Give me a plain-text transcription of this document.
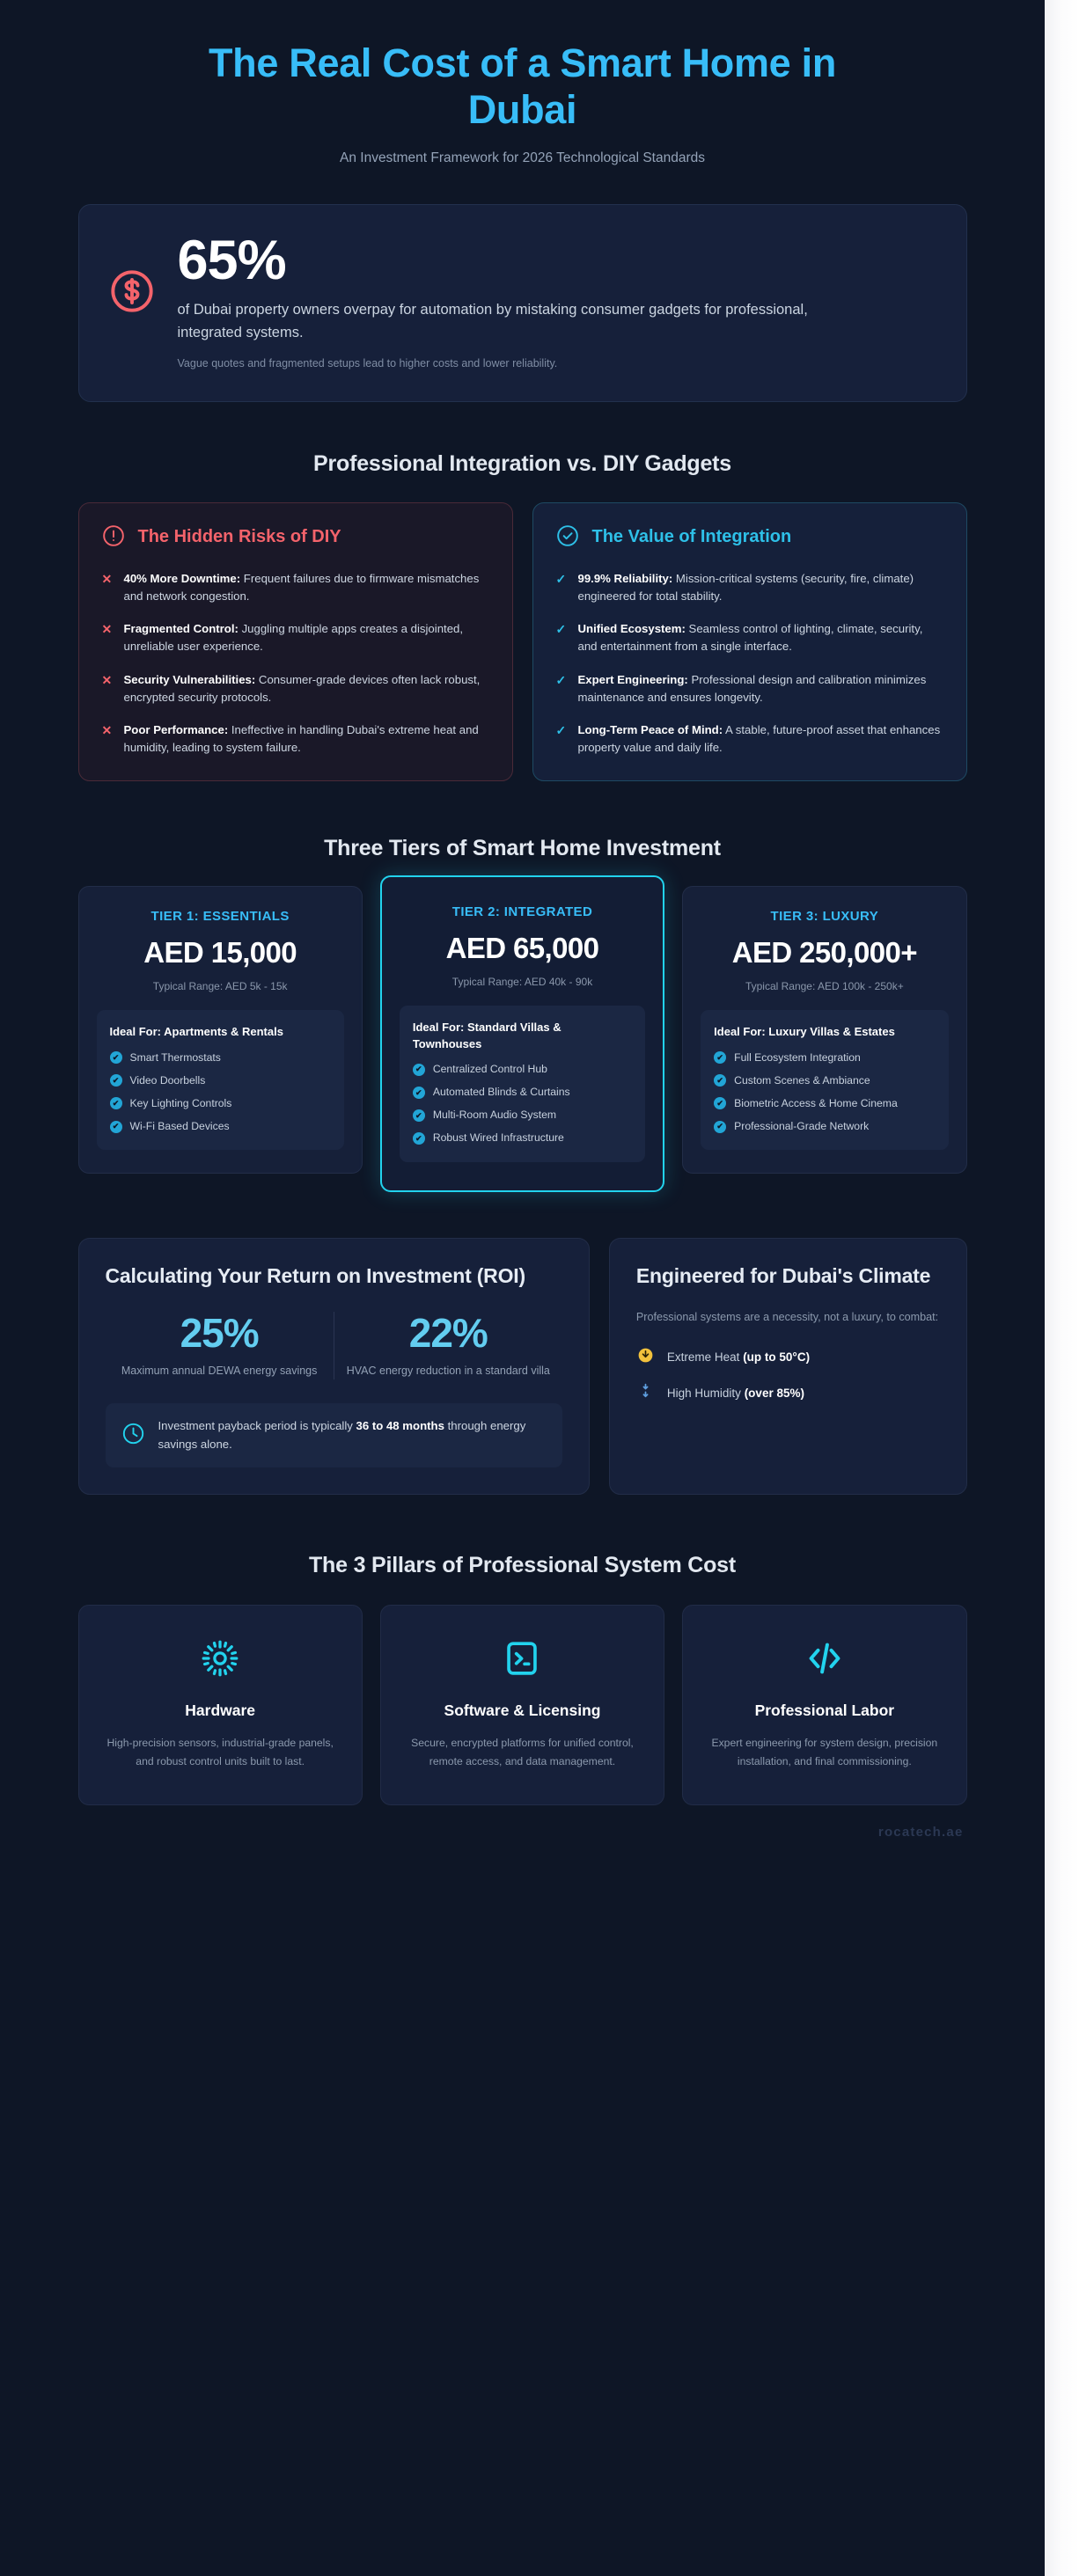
The Real Cost of a Smart Home in Dubai
An Investment Framework for 2026 Technological Standards
65%
of Dubai property owners overpay for automation by mistaking consumer gadgets for professional, integrated systems.
Vague quotes and fragmented setups lead to higher costs and lower reliability.
Professional Integration vs. DIY Gadgets
The Hidden Risks of DIY
✕ 40% More Downtime: Frequent failures due to firmware mismatches and network congestion.
✕ Fragmented Control: Juggling multiple apps creates a disjointed, unreliable user experience.
✕ Security Vulnerabilities: Consumer-grade devices often lack robust, encrypted security protocols.
✕ Poor Performance: Ineffective in handling Dubai's extreme heat and humidity, leading to system failure.
The Value of Integration
✓ 99.9% Reliability: Mission-critical systems (security, fire, climate) engineered for total stability.
✓ Unified Ecosystem: Seamless control of lighting, climate, security, and entertainment from a single interface.
✓ Expert Engineering: Professional design and calibration minimizes maintenance and ensures longevity.
✓ Long-Term Peace of Mind: A stable, future-proof asset that enhances property value and daily life.
Three Tiers of Smart Home Investment
TIER 1: ESSENTIALS
AED 15,000
Typical Range: AED 5k - 15k
Ideal For: Apartments & Rentals
✔ Smart Thermostats
✔ Video Doorbells
✔ Key Lighting Controls
✔ Wi-Fi Based Devices
TIER 2: INTEGRATED
AED 65,000
Typical Range: AED 40k - 90k
Ideal For: Standard Villas & Townhouses
✔ Centralized Control Hub
✔ Automated Blinds & Curtains
✔ Multi-Room Audio System
✔ Robust Wired Infrastructure
TIER 3: LUXURY
AED 250,000+
Typical Range: AED 100k - 250k+
Ideal For: Luxury Villas & Estates
✔ Full Ecosystem Integration
✔ Custom Scenes & Ambiance
✔ Biometric Access & Home Cinema
✔ Professional-Grade Network
Calculating Your Return on Investment (ROI)
25%
Maximum annual DEWA energy savings
22%
HVAC energy reduction in a standard villa

Investment payback period is typically 36 to 48 months through energy savings alone.

Engineered for Dubai's Climate
Professional systems are a necessity, not a luxury, to combat:
Extreme Heat (up to 50°C)
High Humidity (over 85%)
The 3 Pillars of Professional System Cost
Hardware

High-precision sensors, industrial-grade panels, and robust control units built to last.

Software & Licensing

Secure, encrypted platforms for unified control, remote access, and data management.

Professional Labor

Expert engineering for system design, precision installation, and final commissioning.

rocatech.ae
